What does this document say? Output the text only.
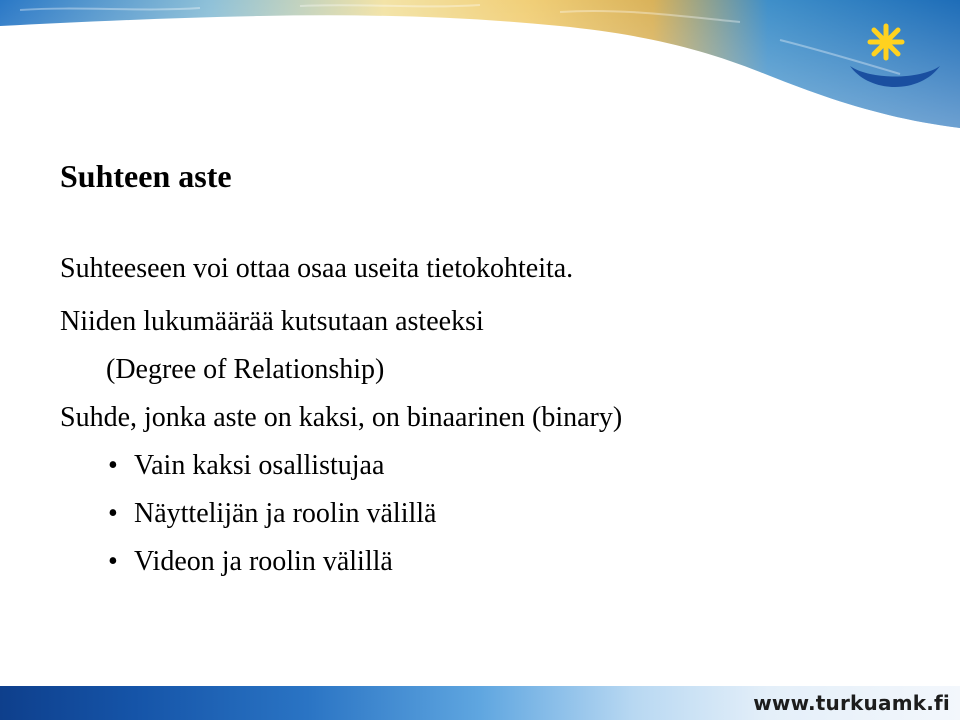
Suhteen aste
Suhteeseen voi ottaa osaa useita tietokohteita.
Niiden lukumäärää kutsutaan asteeksi
(Degree of Relationship)
Suhde, jonka aste on kaksi, on binaarinen (binary)
• Vain kaksi osallistujaa
• Näyttelijän ja roolin välillä
• Videon ja roolin välillä
www.turkuamk.fi
